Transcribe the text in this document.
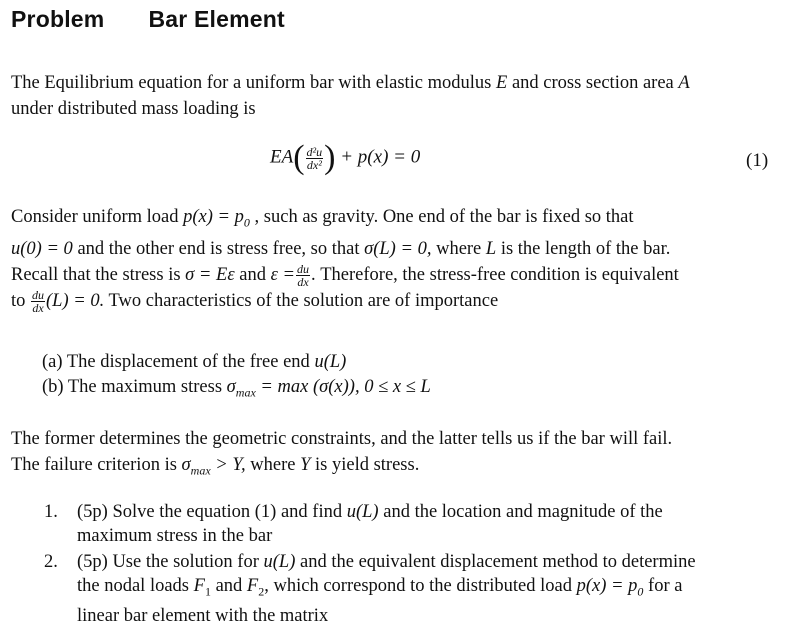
Problem Bar Element
The Equilibrium equation for a uniform bar with elastic modulus E and cross section area A
under distributed mass loading is
$EA( \frac{\text{d²u}}{\text{dx²}}$ ) + p(x) = 0	(1)
Consider uniform load $p(x) = p_0$ , such as gravity. One end of the bar is fixed so that
u(0) = 0 and the other end is stress free, so that σ(L) = 0, where L is the length of the bar.
Recall that the stress is σ = Eε and $\varepsilon = \frac{du}{dx}$ . Therefore, the stress-free condition is equivalent
to $\frac{du}{dx} (L) = 0$. Two characteristics of the solution are of importance
(a) The displacement of the free end u(L)
(b) The maximum stress $\sigma_{max} = \max (\sigma(x))$, 0 ≤ x ≤ L
The former determines the geometric constraints, and the latter tells us if the bar will fail.
The failure criterion is $\sigma_{max} > Y$, where Y is yield stress.
1. (5p) Solve the equation (1) and find u(L) and the location and magnitude of the
maximum stress in the bar
2. (5p) Use the solution for u(L) and the equivalent displacement method to determine
the nodal loads $F_1$ and $F_2$, which correspond to the distributed load $p(x) = p_0$ for a
linear bar element with the matrix
